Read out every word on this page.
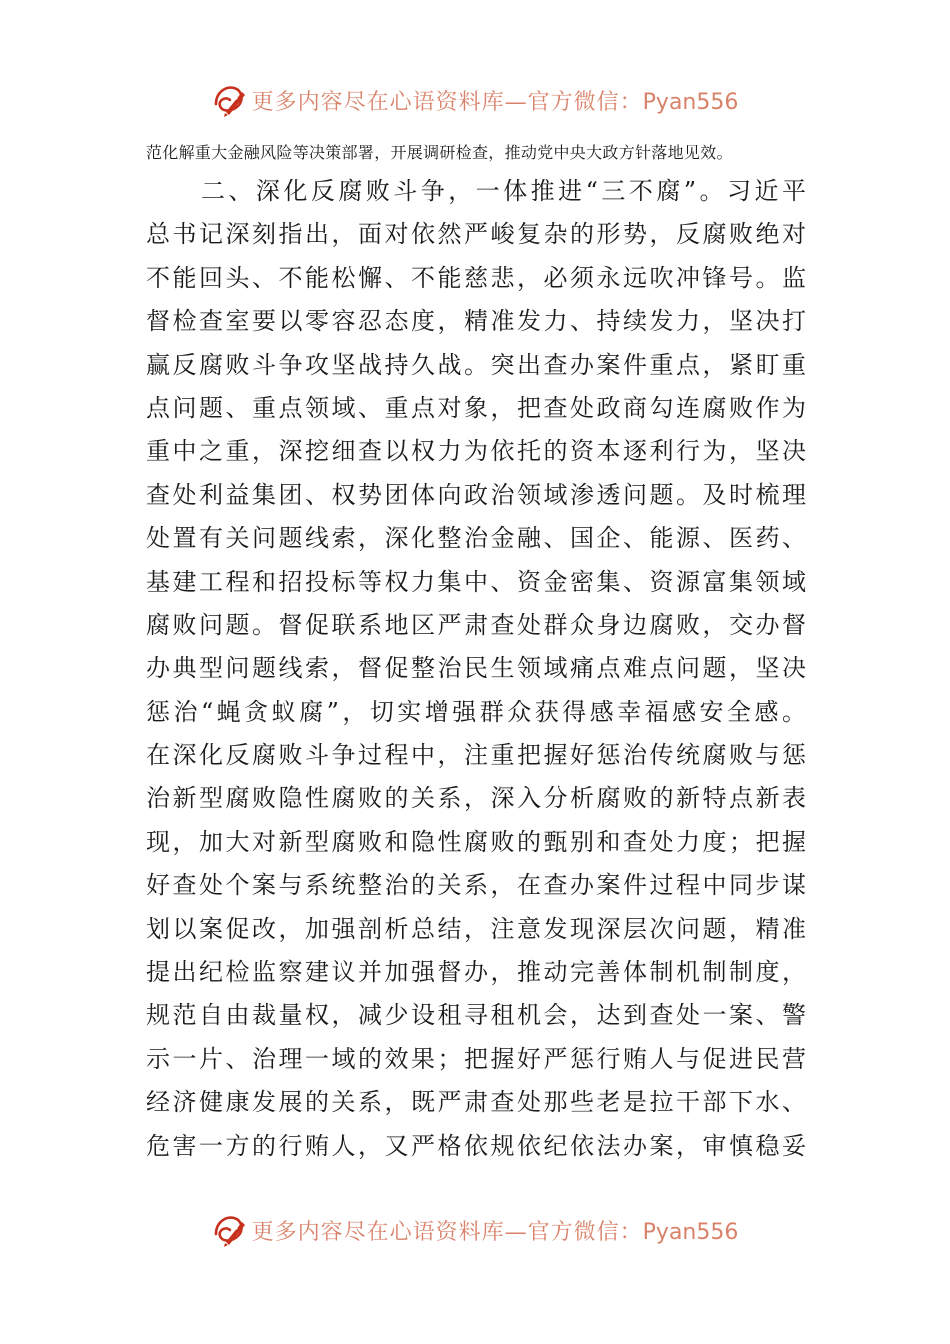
更多内容尽在心语资料库—官方微信：Pyan556
范化解重大金融风险等决策部署，开展调研检查，推动党中央大政方针落地见效。
　　二、深化反腐败斗争，一体推进“三不腐”。习近平
总书记深刻指出，面对依然严峻复杂的形势，反腐败绝对
不能回头、不能松懈、不能慈悲，必须永远吹冲锋号。监
督检查室要以零容忍态度，精准发力、持续发力，坚决打
赢反腐败斗争攻坚战持久战。突出查办案件重点，紧盯重
点问题、重点领域、重点对象，把查处政商勾连腐败作为
重中之重，深挖细查以权力为依托的资本逐利行为，坚决
查处利益集团、权势团体向政治领域渗透问题。及时梳理
处置有关问题线索，深化整治金融、国企、能源、医药、
基建工程和招投标等权力集中、资金密集、资源富集领域
腐败问题。督促联系地区严肃查处群众身边腐败，交办督
办典型问题线索，督促整治民生领域痛点难点问题，坚决
惩治“蝇贪蚁腐”，切实增强群众获得感幸福感安全感。
在深化反腐败斗争过程中，注重把握好惩治传统腐败与惩
治新型腐败隐性腐败的关系，深入分析腐败的新特点新表
现，加大对新型腐败和隐性腐败的甄别和查处力度；把握
好查处个案与系统整治的关系，在查办案件过程中同步谋
划以案促改，加强剖析总结，注意发现深层次问题，精准
提出纪检监察建议并加强督办，推动完善体制机制制度，
规范自由裁量权，减少设租寻租机会，达到查处一案、警
示一片、治理一域的效果；把握好严惩行贿人与促进民营
经济健康发展的关系，既严肃查处那些老是拉干部下水、
危害一方的行贿人，又严格依规依纪依法办案，审慎稳妥
更多内容尽在心语资料库—官方微信：Pyan556
